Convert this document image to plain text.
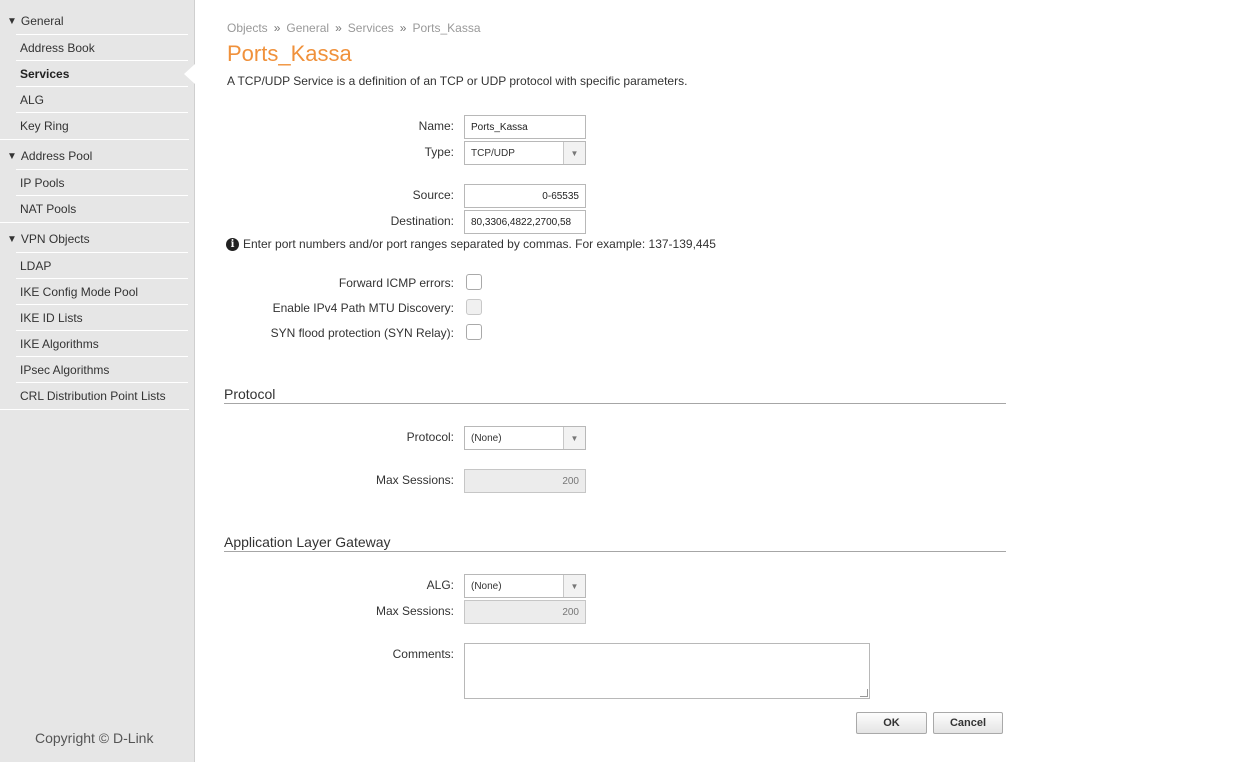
▼ General
Address Book
Services
ALG
Key Ring
▼ Address Pool
IP Pools
NAT Pools
▼ VPN Objects
LDAP
IKE Config Mode Pool
IKE ID Lists
IKE Algorithms
IPsec Algorithms
CRL Distribution Point Lists
Copyright © D-Link
Objects » General » Services » Ports_Kassa
Ports_Kassa
A TCP/UDP Service is a definition of an TCP or UDP protocol with specific parameters.
Name:	Ports_Kassa
Type: TCP/UDP	▼
Source:	0-65535
Destination:	80,3306,4822,2700,58
i Enter port numbers and/or port ranges separated by commas. For example: 137-139,445
Forward ICMP errors:
Enable IPv4 Path MTU Discovery:
SYN flood protection (SYN Relay):
Protocol
Protocol: (None)	▼
Max Sessions:	200
Application Layer Gateway
ALG: (None)	▼
Max Sessions:	200
Comments:
OK	Cancel
